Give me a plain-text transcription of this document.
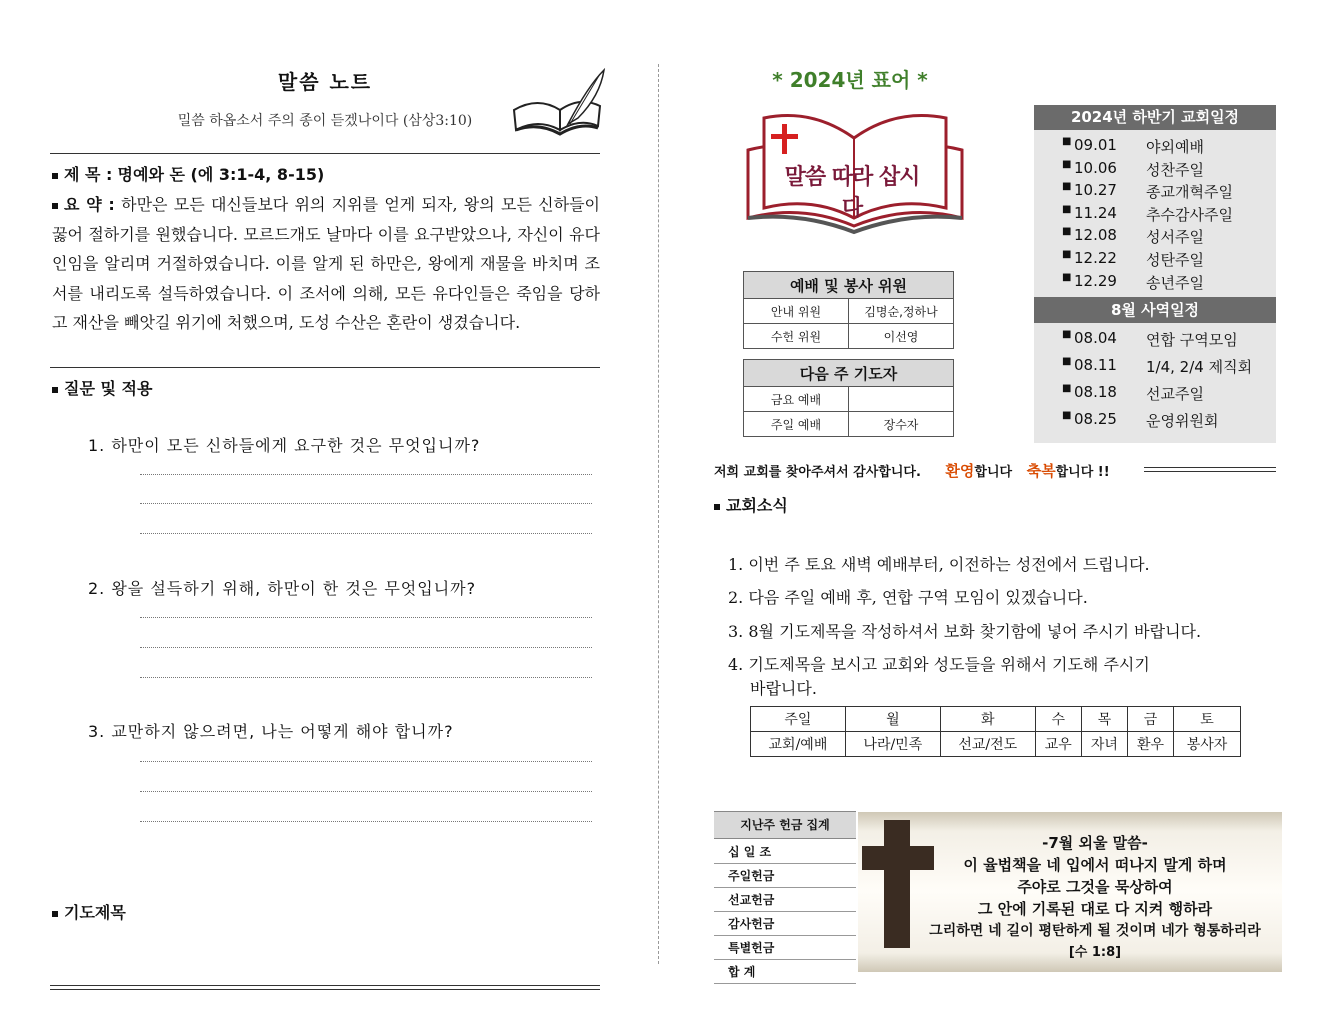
말씀 노트
밀씀 하옵소서 주의 종이 듣겠나이다 (삼상3:10)
제 목 : 명예와 돈 (에 3:1-4, 8-15)
요 약 : 하만은 모든 대신들보다 위의 지위를 얻게 되자, 왕의 모든 신하들이 꿇어 절하기를 원했습니다. 모르드개도 날마다 이를 요구받았으나, 자신이 유다인임을 알리며 거절하였습니다. 이를 알게 된 하만은, 왕에게 재물을 바치며 조서를 내리도록 설득하였습니다. 이 조서에 의해, 모든 유다인들은 죽임을 당하고 재산을 빼앗길 위기에 처했으며, 도성 수산은 혼란이 생겼습니다.
질문 및 적용
1. 하만이 모든 신하들에게 요구한 것은 무엇입니까?
2. 왕을 설득하기 위해, 하만이 한 것은 무엇입니까?
3. 교만하지 않으려면, 나는 어떻게 해야 합니까?
기도제목
* 2024년 표어 *
말씀 따라 삽시다
예배 및 봉사 위원	
안내 위원	김명순,정하나
수헌 위원	이선영
다음 주 기도자	
금요 예배	
주일 예배	장수자
2024년 하반기 교회일정
■ 09.01	야외예배
■ 10.06	성찬주일
■ 10.27	종교개혁주일
■ 11.24	추수감사주일
■ 12.08	성서주일
■ 12.22	성탄주일
■ 12.29	송년주일
8월 사역일정
■ 08.04	연합 구역모임
■ 08.11	1/4, 2/4 제직회
■ 08.18	선교주일
■ 08.25	운영위원회
저희 교회를 찾아주셔서 감사합니다. 환영합니다 축복합니다 !!
교회소식
1. 이번 주 토요 새벽 예배부터, 이전하는 성전에서 드립니다.
2. 다음 주일 예배 후, 연합 구역 모임이 있겠습니다.
3. 8월 기도제목을 작성하셔서 보화 찾기함에 넣어 주시기 바랍니다.
4. 기도제목을 보시고 교회와 성도들을 위해서 기도해 주시기
바랍니다.
주일	월	화	수	목	금	토
교회/예배	나라/민족	선교/전도	교우	자녀	환우	봉사자
지난주 헌금 집계
십 일 조
주일헌금
선교헌금
감사헌금
특별헌금
합 계
-7월 외울 말씀-
이 율법책을 네 입에서 떠나지 말게 하며
주야로 그것을 묵상하여
그 안에 기록된 대로 다 지켜 행하라
그리하면 네 길이 평탄하게 될 것이며 네가 형통하리라
[수 1:8]
